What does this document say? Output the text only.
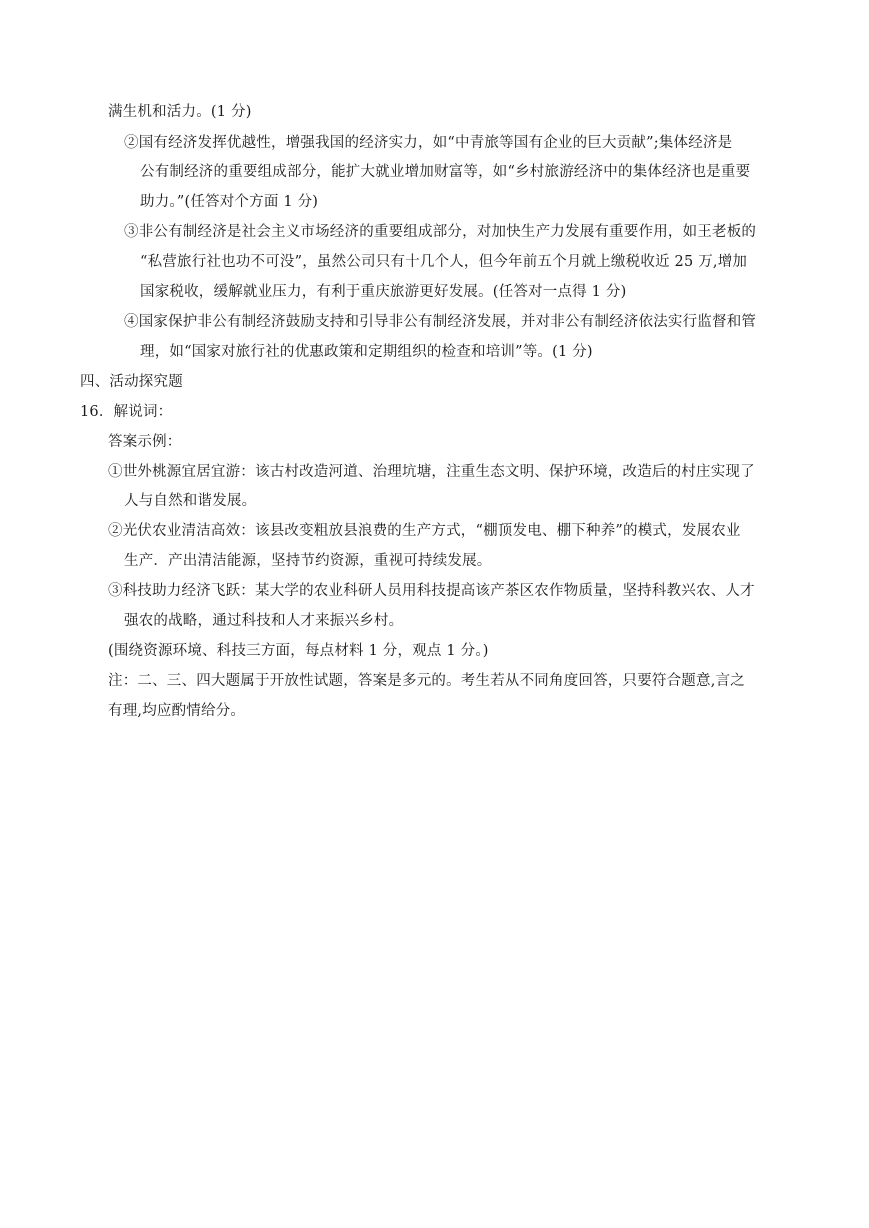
满生机和活力。(1 分)
②国有经济发挥优越性，增强我国的经济实力，如“中青旅等国有企业的巨大贡献”;集体经济是
公有制经济的重要组成部分，能扩大就业增加财富等，如“乡村旅游经济中的集体经济也是重要
助力。”(任答对个方面 1 分)
③非公有制经济是社会主义市场经济的重要组成部分，对加快生产力发展有重要作用，如王老板的
“私营旅行社也功不可没”，虽然公司只有十几个人，但今年前五个月就上缴税收近 25 万,增加
国家税收，缓解就业压力，有利于重庆旅游更好发展。(任答对一点得 1 分)
④国家保护非公有制经济鼓励支持和引导非公有制经济发展，并对非公有制经济依法实行监督和管
理，如“国家对旅行社的优惠政策和定期组织的检查和培训”等。(1 分)
四、活动探究题
16．解说词：
答案示例：
①世外桃源宜居宜游：该古村改造河道、治理坑塘，注重生态文明、保护环境，改造后的村庄实现了
人与自然和谐发展。
②光伏农业清洁高效：该县改变粗放县浪费的生产方式，“棚顶发电、棚下种养”的模式，发展农业
生产．产出清洁能源，坚持节约资源，重视可持续发展。
③科技助力经济飞跃：某大学的农业科研人员用科技提高该产茶区农作物质量，坚持科教兴农、人才
强农的战略，通过科技和人才来振兴乡村。
(围绕资源环境、科技三方面，每点材料 1 分，观点 1 分。)
注：二、三、四大题属于开放性试题，答案是多元的。考生若从不同角度回答，只要符合题意,言之
有理,均应酌情给分。
